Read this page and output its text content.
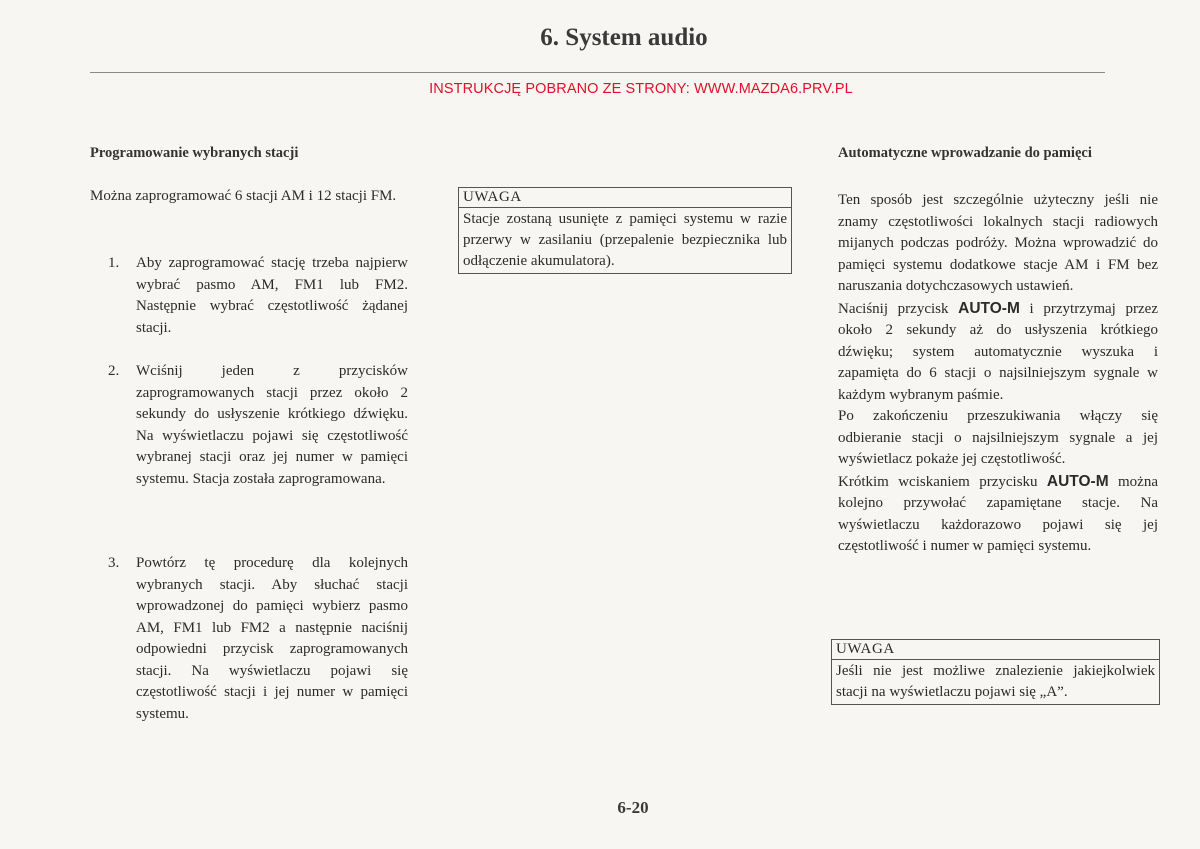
6. System audio
INSTRUKCJĘ POBRANO ZE STRONY: WWW.MAZDA6.PRV.PL
Programowanie wybranych stacji

Można zaprogramować 6 stacji AM i 12 stacji FM.

1.	Aby zaprogramować stację trzeba najpierw wybrać pasmo AM, FM1 lub FM2. Następnie wybrać częstotliwość żądanej stacji.
2.	Wciśnij jeden z przycisków zaprogramowanych stacji przez około 2 sekundy do usłyszenie krótkiego dźwięku. Na wyświetlaczu pojawi się częstotliwość wybranej stacji oraz jej numer w pamięci systemu. Stacja została zaprogramowana.
3.	Powtórz tę procedurę dla kolejnych wybranych stacji. Aby słuchać stacji wprowadzonej do pamięci wybierz pasmo AM, FM1 lub FM2 a następnie naciśnij odpowiedni przycisk zaprogramowanych stacji. Na wyświetlaczu pojawi się częstotliwość stacji i jej numer w pamięci systemu.
UWAGA
Stacje zostaną usunięte z pamięci systemu w razie przerwy w zasilaniu (przepalenie bezpiecznika lub odłączenie akumulatora).
Automatyczne wprowadzanie do pamięci

Ten sposób jest szczególnie użyteczny jeśli nie znamy częstotliwości lokalnych stacji radiowych mijanych podczas podróży. Można wprowadzić do pamięci systemu dodatkowe stacje AM i FM bez naruszania dotychczasowych ustawień.

Naciśnij przycisk AUTO-M i przytrzymaj przez około 2 sekundy aż do usłyszenia krótkiego dźwięku; system automatycznie wyszuka i zapamięta do 6 stacji o najsilniejszym sygnale w każdym wybranym paśmie.

Po zakończeniu przeszukiwania włączy się odbieranie stacji o najsilniejszym sygnale a jej wyświetlacz pokaże jej częstotliwość.

Krótkim wciskaniem przycisku AUTO-M można kolejno przywołać zapamiętane stacje. Na wyświetlaczu każdorazowo pojawi się jej częstotliwość i numer w pamięci systemu.

UWAGA
Jeśli nie jest możliwe znalezienie jakiejkolwiek stacji na wyświetlaczu pojawi się „A”.
6-20
